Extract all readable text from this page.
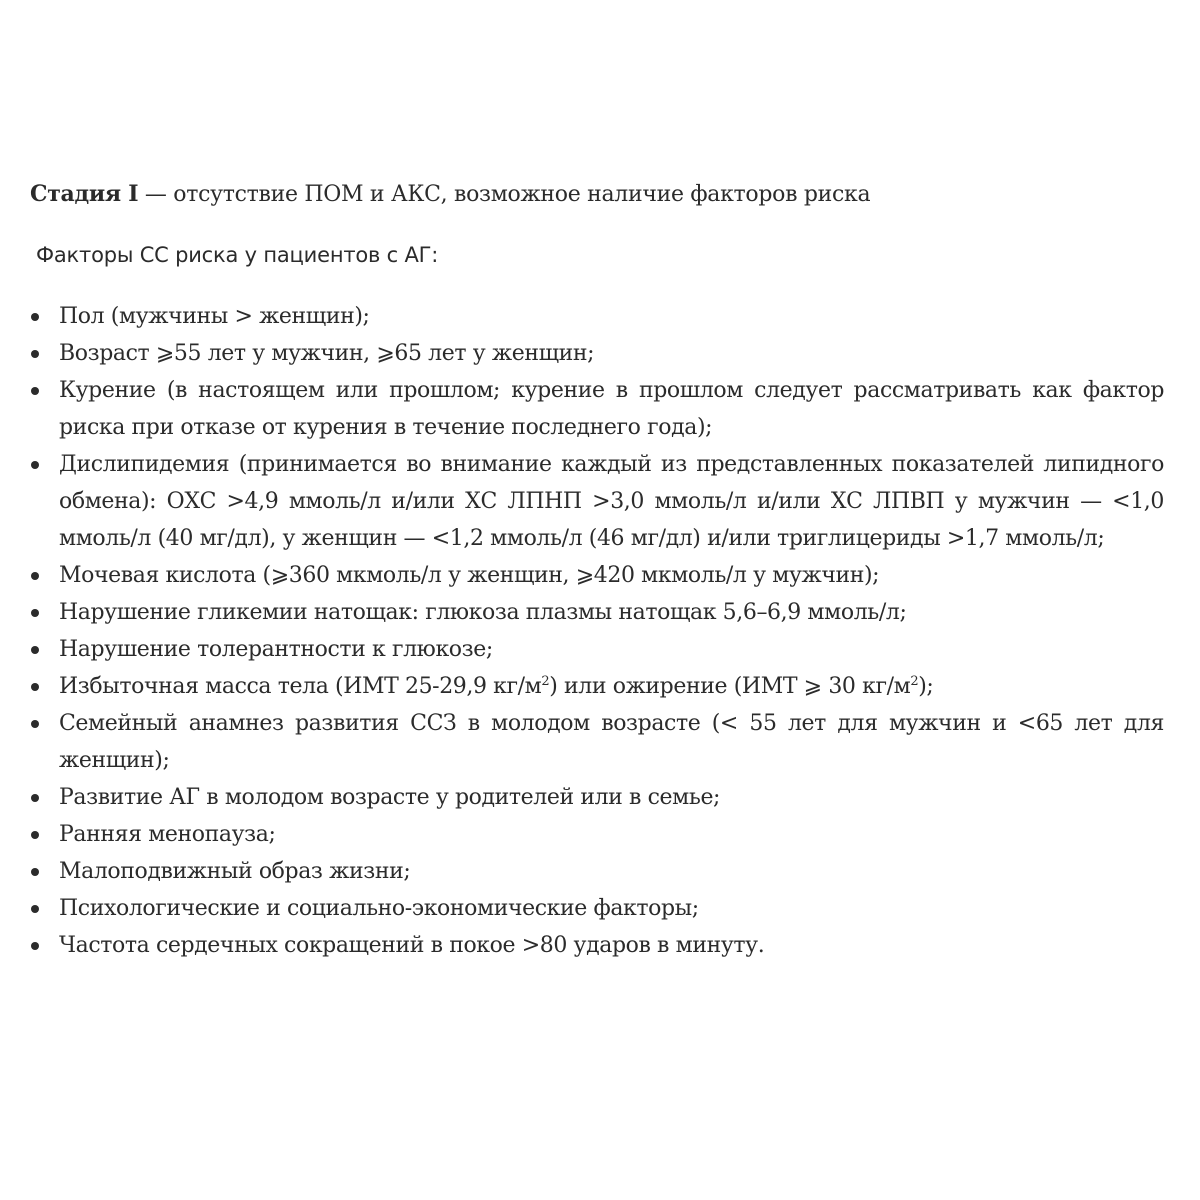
Стадия I — отсутствие ПОМ и АКС, возможное наличие факторов риска

Факторы СС риска у пациентов с АГ:

Пол (мужчины > женщин);
Возраст ⩾55 лет у мужчин, ⩾65 лет у женщин;
Курение (в настоящем или прошлом; курение в прошлом следует рассматривать как фактор риска при отказе от курения в течение последнего года);
Дислипидемия (принимается во внимание каждый из представленных показателей липидного обмена): ОХС >4,9 ммоль/л и/или ХС ЛПНП >3,0 ммоль/л и/или ХС ЛПВП у мужчин — <1,0 ммоль/л (40 мг/дл), у женщин — <1,2 ммоль/л (46 мг/дл) и/или триглицериды >1,7 ммоль/л;
Мочевая кислота (⩾360 мкмоль/л у женщин, ⩾420 мкмоль/л у мужчин);
Нарушение гликемии натощак: глюкоза плазмы натощак 5,6–6,9 ммоль/л;
Нарушение толерантности к глюкозе;
Избыточная масса тела (ИМТ 25-29,9 $кг/м^2$) или ожирение (ИМТ ⩾ 30 $кг/м^2$);
Семейный анамнез развития ССЗ в молодом возрасте (< 55 лет для мужчин и <65 лет для женщин);
Развитие АГ в молодом возрасте у родителей или в семье;
Ранняя менопауза;
Малоподвижный образ жизни;
Психологические и социально-экономические факторы;
Частота сердечных сокращений в покое >80 ударов в минуту.
